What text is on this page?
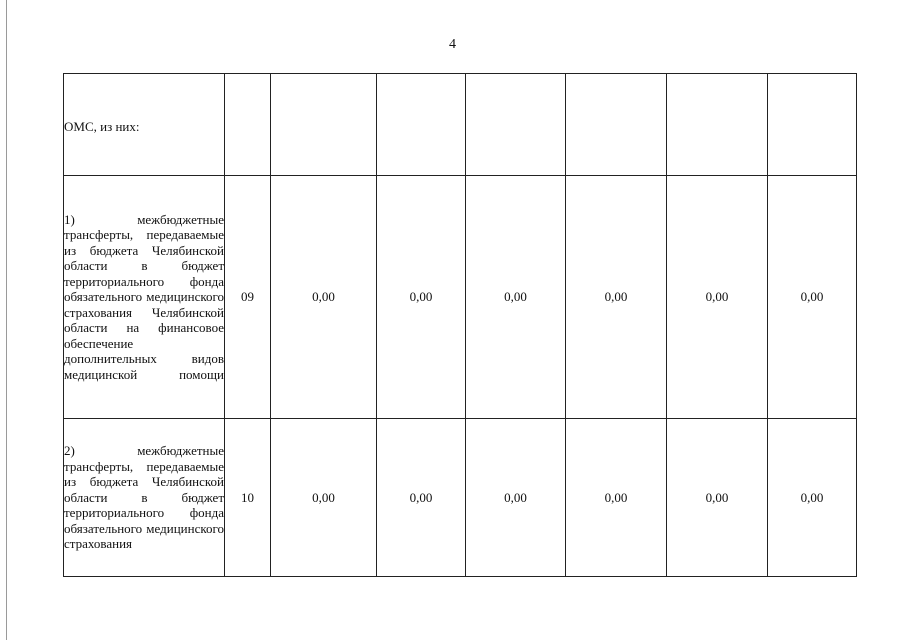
4
ОМС, из них:							
1) межбюджетные трансферты, передаваемые из бюджета Челябинской области в бюджет территориального фонда обязательного медицинского страхования Челябинской области на финансовое обеспечение дополнительных видов медицинской помощи	09	0,00	0,00	0,00	0,00	0,00	0,00
2) межбюджетные трансферты, передаваемые из бюджета Челябинской области в бюджет территориального фонда обязательного медицинского страхования	10	0,00	0,00	0,00	0,00	0,00	0,00
